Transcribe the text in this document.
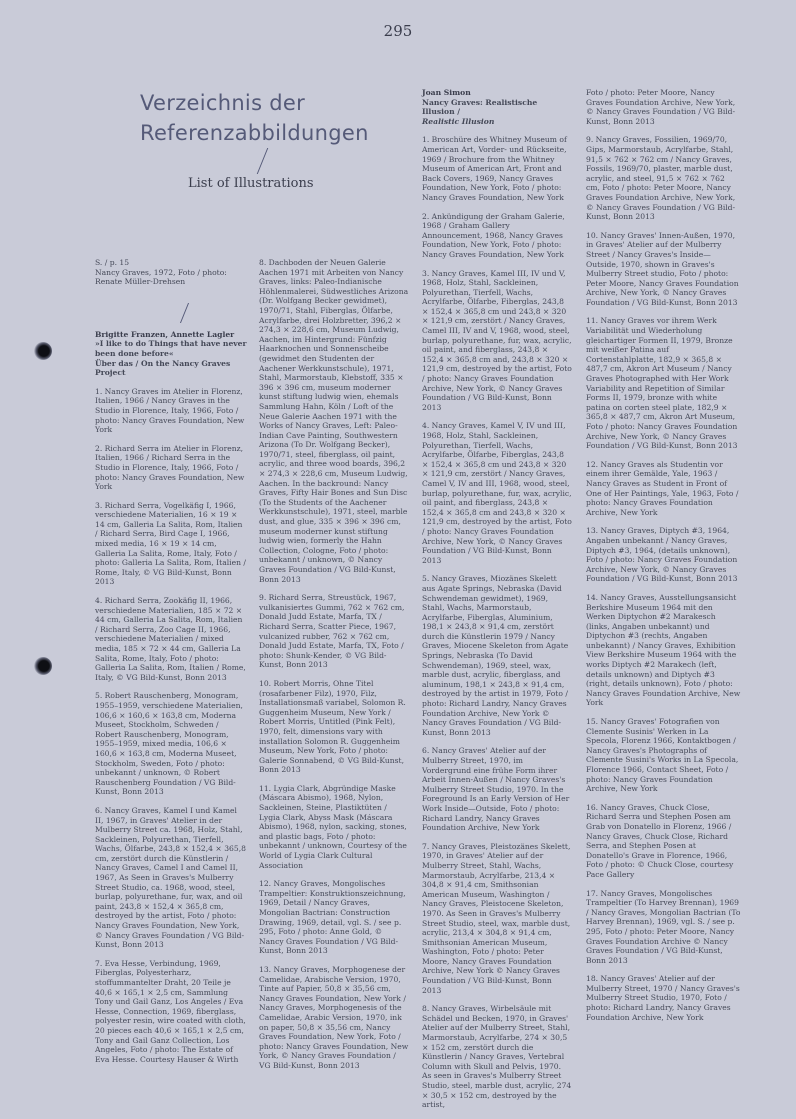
295
Verzeichnis der
Referenzabbildungen
List of Illustrations
S. / p. 15
Nancy Graves, 1972, Foto / photo: Renate Müller-Drehsen
Brigitte Franzen, Annette Lagler
»I like to do Things that have never been done before«
Über das / On the Nancy Graves Project
1. Nancy Graves im Atelier in Florenz, Italien, 1966 / Nancy Graves in the Studio in Florence, Italy, 1966, Foto / photo: Nancy Graves Foundation, New York
2. Richard Serra im Atelier in Florenz, Italien, 1966 / Richard Serra in the Studio in Florence, Italy, 1966, Foto / photo: Nancy Graves Foundation, New York
3. Richard Serra, Vogelkäfig I, 1966, verschiedene Materialien, 16 × 19 × 14 cm, Galleria La Salita, Rom, Italien / Richard Serra, Bird Cage I, 1966, mixed media, 16 × 19 × 14 cm, Galleria La Salita, Rome, Italy, Foto / photo: Galleria La Salita, Rom, Italien / Rome, Italy, © VG Bild-Kunst, Bonn 2013
4. Richard Serra, Zookäfig II, 1966, verschiedene Materialien, 185 × 72 × 44 cm, Galleria La Salita, Rom, Italien / Richard Serra, Zoo Cage II, 1966, verschiedene Materialien / mixed media, 185 × 72 × 44 cm, Galleria La Salita, Rome, Italy, Foto / photo: Galleria La Salita, Rom, Italien / Rome, Italy, © VG Bild-Kunst, Bonn 2013
5. Robert Rauschenberg, Monogram, 1955–1959, verschiedene Materialien, 106,6 × 160,6 × 163,8 cm, Moderna Museet, Stockholm, Schweden / Robert Rauschenberg, Monogram, 1955–1959, mixed media, 106,6 × 160,6 × 163,8 cm, Moderna Museet, Stockholm, Sweden, Foto / photo: unbekannt / unknown, © Robert Rauschenberg Foundation / VG Bild-Kunst, Bonn 2013
6. Nancy Graves, Kamel I und Kamel II, 1967, in Graves' Atelier in der Mulberry Street ca. 1968, Holz, Stahl, Sackleinen, Polyurethan, Tierfell, Wachs, Ölfarbe, 243,8 × 152,4 × 365,8 cm, zerstört durch die Künstlerin / Nancy Graves, Camel I and Camel II, 1967, As Seen in Graves's Mulberry Street Studio, ca. 1968, wood, steel, burlap, polyurethane, fur, wax, and oil paint, 243,8 × 152,4 × 365,8 cm, destroyed by the artist, Foto / photo: Nancy Graves Foundation, New York, © Nancy Graves Foundation / VG Bild-Kunst, Bonn 2013
7. Eva Hesse, Verbindung, 1969, Fiberglas, Polyesterharz, stoffummantelter Draht, 20 Teile je 40,6 × 165,1 × 2,5 cm, Sammlung Tony und Gail Ganz, Los Angeles / Eva Hesse, Connection, 1969, fiberglass, polyester resin, wire coated with cloth, 20 pieces each 40,6 × 165,1 × 2,5 cm, Tony and Gail Ganz Collection, Los Angeles, Foto / photo: The Estate of Eva Hesse. Courtesy Hauser & Wirth
8. Dachboden der Neuen Galerie Aachen 1971 mit Arbeiten von Nancy Graves, links: Paleo-Indianische Höhlenmalerei, Südwestliches Arizona (Dr. Wolfgang Becker gewidmet), 1970/71, Stahl, Fiberglas, Ölfarbe, Acrylfarbe, drei Holzbretter, 396,2 × 274,3 × 228,6 cm, Museum Ludwig, Aachen, im Hintergrund: Fünfzig Haarknochen und Sonnenscheibe (gewidmet den Studenten der Aachener Werkkunstschule), 1971, Stahl, Marmorstaub, Klebstoff, 335 × 396 × 396 cm, museum moderner kunst stiftung ludwig wien, ehemals Sammlung Hahn, Köln / Loft of the Neue Galerie Aachen 1971 with the Works of Nancy Graves, Left: Paleo-Indian Cave Painting, Southwestern Arizona (To Dr. Wolfgang Becker), 1970/71, steel, fiberglass, oil paint, acrylic, and three wood boards, 396,2 × 274,3 × 228,6 cm, Museum Ludwig, Aachen. In the backround: Nancy Graves, Fifty Hair Bones and Sun Disc (To the Students of the Aachener Werkkunstschule), 1971, steel, marble dust, and glue, 335 × 396 × 396 cm, museum moderner kunst stiftung ludwig wien, formerly the Hahn Collection, Cologne, Foto / photo: unbekannt / unknown, © Nancy Graves Foundation / VG Bild-Kunst, Bonn 2013
9. Richard Serra, Streustück, 1967, vulkanisiertes Gummi, 762 × 762 cm, Donald Judd Estate, Marfa, TX / Richard Serra, Scatter Piece, 1967, vulcanized rubber, 762 × 762 cm, Donald Judd Estate, Marfa, TX, Foto / photo: Shunk-Kender, © VG Bild-Kunst, Bonn 2013
10. Robert Morris, Ohne Titel (rosafarbener Filz), 1970, Filz, Installationsmaß variabel, Solomon R. Guggenheim Museum, New York / Robert Morris, Untitled (Pink Felt), 1970, felt, dimensions vary with installation Solomon R. Guggenheim Museum, New York, Foto / photo: Galerie Sonnabend, © VG Bild-Kunst, Bonn 2013
11. Lygia Clark, Abgründige Maske (Máscara Abismo), 1968, Nylon, Sackleinen, Steine, Plastiktüten / Lygia Clark, Abyss Mask (Máscara Abismo), 1968, nylon, sacking, stones, and plastic bags, Foto / photo: unbekannt / unknown, Courtesy of the World of Lygia Clark Cultural Association
12. Nancy Graves, Mongolisches Trampeltier: Konstruktionszeichnung, 1969, Detail / Nancy Graves, Mongolian Bactrian: Construction Drawing, 1969, detail, vgl. S. / see p. 295, Foto / photo: Anne Gold, © Nancy Graves Foundation / VG Bild-Kunst, Bonn 2013
13. Nancy Graves, Morphogenese der Camelidae, Arabische Version, 1970, Tinte auf Papier, 50,8 × 35,56 cm, Nancy Graves Foundation, New York / Nancy Graves, Morphogenesis of the Camelidae, Arabic Version, 1970, ink on paper, 50,8 × 35,56 cm, Nancy Graves Foundation, New York, Foto / photo: Nancy Graves Foundation, New York, © Nancy Graves Foundation / VG Bild-Kunst, Bonn 2013
Joan Simon
Nancy Graves: Realistische Illusion /
Realistic Illusion
1. Broschüre des Whitney Museum of American Art, Vorder- und Rückseite, 1969 / Brochure from the Whitney Museum of American Art, Front and Back Covers, 1969, Nancy Graves Foundation, New York, Foto / photo: Nancy Graves Foundation, New York
2. Ankündigung der Graham Galerie, 1968 / Graham Gallery Announcement, 1968, Nancy Graves Foundation, New York, Foto / photo: Nancy Graves Foundation, New York
3. Nancy Graves, Kamel III, IV und V, 1968, Holz, Stahl, Sackleinen, Polyurethan, Tierfell, Wachs, Acrylfarbe, Ölfarbe, Fiberglas, 243,8 × 152,4 × 365,8 cm und 243,8 × 320 × 121,9 cm, zerstört / Nancy Graves, Camel III, IV and V, 1968, wood, steel, burlap, polyurethane, fur, wax, acrylic, oil paint, and fiberglass, 243,8 × 152,4 × 365,8 cm and, 243,8 × 320 × 121,9 cm, destroyed by the artist, Foto / photo: Nancy Graves Foundation Archive, New York, © Nancy Graves Foundation / VG Bild-Kunst, Bonn 2013
4. Nancy Graves, Kamel V, IV und III, 1968, Holz, Stahl, Sackleinen, Polyurethan, Tierfell, Wachs, Acrylfarbe, Ölfarbe, Fiberglas, 243,8 × 152,4 × 365,8 cm und 243,8 × 320 × 121,9 cm, zerstört / Nancy Graves, Camel V, IV and III, 1968, wood, steel, burlap, polyurethane, fur, wax, acrylic, oil paint, and fiberglass, 243,8 × 152,4 × 365,8 cm and 243,8 × 320 × 121,9 cm, destroyed by the artist, Foto / photo: Nancy Graves Foundation Archive, New York, © Nancy Graves Foundation / VG Bild-Kunst, Bonn 2013
5. Nancy Graves, Miozänes Skelett aus Agate Springs, Nebraska (David Schwendeman gewidmet), 1969, Stahl, Wachs, Marmorstaub, Acrylfarbe, Fiberglas, Aluminium, 198,1 × 243,8 × 91,4 cm, zerstört durch die Künstlerin 1979 / Nancy Graves, Miocene Skeleton from Agate Springs, Nebraska (To David Schwendeman), 1969, steel, wax, marble dust, acrylic, fiberglass, and aluminum, 198,1 × 243,8 × 91,4 cm, destroyed by the artist in 1979, Foto / photo: Richard Landry, Nancy Graves Foundation Archive, New York © Nancy Graves Foundation / VG Bild-Kunst, Bonn 2013
6. Nancy Graves' Atelier auf der Mulberry Street, 1970, im Vordergrund eine frühe Form ihrer Arbeit Innen-Außen / Nancy Graves's Mulberry Street Studio, 1970. In the Foreground Is an Early Version of Her Work Inside—Outside, Foto / photo: Richard Landry, Nancy Graves Foundation Archive, New York
7. Nancy Graves, Pleistozänes Skelett, 1970, in Graves' Atelier auf der Mulberry Street, Stahl, Wachs, Marmorstaub, Acrylfarbe, 213,4 × 304,8 × 91,4 cm, Smithsonian American Museum, Washington / Nancy Graves, Pleistocene Skeleton, 1970. As Seen in Graves's Mulberry Street Studio, steel, wax, marble dust, acrylic, 213,4 × 304,8 × 91,4 cm, Smithsonian American Museum, Washington, Foto / photo: Peter Moore, Nancy Graves Foundation Archive, New York © Nancy Graves Foundation / VG Bild-Kunst, Bonn 2013
8. Nancy Graves, Wirbelsäule mit Schädel und Becken, 1970, in Graves' Atelier auf der Mulberry Street, Stahl, Marmorstaub, Acrylfarbe, 274 × 30,5 × 152 cm, zerstört durch die Künstlerin / Nancy Graves, Vertebral Column with Skull and Pelvis, 1970. As seen in Graves's Mulberry Street Studio, steel, marble dust, acrylic, 274 × 30,5 × 152 cm, destroyed by the artist,
Foto / photo: Peter Moore, Nancy Graves Foundation Archive, New York, © Nancy Graves Foundation / VG Bild-Kunst, Bonn 2013
9. Nancy Graves, Fossilien, 1969/70, Gips, Marmorstaub, Acrylfarbe, Stahl, 91,5 × 762 × 762 cm / Nancy Graves, Fossils, 1969/70, plaster, marble dust, acrylic, and steel, 91,5 × 762 × 762 cm, Foto / photo: Peter Moore, Nancy Graves Foundation Archive, New York, © Nancy Graves Foundation / VG Bild-Kunst, Bonn 2013
10. Nancy Graves' Innen-Außen, 1970, in Graves' Atelier auf der Mulberry Street / Nancy Graves's Inside—Outside, 1970, shown in Graves's Mulberry Street studio, Foto / photo: Peter Moore, Nancy Graves Foundation Archive, New York, © Nancy Graves Foundation / VG Bild-Kunst, Bonn 2013
11. Nancy Graves vor ihrem Werk Variabilität und Wiederholung gleichartiger Formen II, 1979, Bronze mit weißer Patina auf Cortenstahlplatte, 182,9 × 365,8 × 487,7 cm, Akron Art Museum / Nancy Graves Photographed with Her Work Variability and Repetition of Similar Forms II, 1979, bronze with white patina on corten steel plate, 182,9 × 365,8 × 487,7 cm, Akron Art Museum, Foto / photo: Nancy Graves Foundation Archive, New York, © Nancy Graves Foundation / VG Bild-Kunst, Bonn 2013
12. Nancy Graves als Studentin vor einem ihrer Gemälde, Yale, 1963 / Nancy Graves as Student in Front of One of Her Paintings, Yale, 1963, Foto / photo: Nancy Graves Foundation Archive, New York
13. Nancy Graves, Diptych #3, 1964, Angaben unbekannt / Nancy Graves, Diptych #3, 1964, (details unknown), Foto / photo: Nancy Graves Foundation Archive, New York, © Nancy Graves Foundation / VG Bild-Kunst, Bonn 2013
14. Nancy Graves, Ausstellungsansicht Berkshire Museum 1964 mit den Werken Diptychon #2 Marakesch (links, Angaben unbekannt) und Diptychon #3 (rechts, Angaben unbekannt) / Nancy Graves, Exhibition View Berkshire Museum 1964 with the works Diptych #2 Marakech (left, details unknown) and Diptych #3 (right, details unknown), Foto / photo: Nancy Graves Foundation Archive, New York
15. Nancy Graves' Fotografien von Clemente Susinis' Werken in La Specola, Florenz 1966, Kontaktbogen / Nancy Graves's Photographs of Clemente Susini's Works in La Specola, Florence 1966, Contact Sheet, Foto / photo: Nancy Graves Foundation Archive, New York
16. Nancy Graves, Chuck Close, Richard Serra und Stephen Posen am Grab von Donatello in Florenz, 1966 / Nancy Graves, Chuck Close, Richard Serra, and Stephen Posen at Donatello's Grave in Florence, 1966, Foto / photo: © Chuck Close, courtesy Pace Gallery
17. Nancy Graves, Mongolisches Trampeltier (To Harvey Brennan), 1969 / Nancy Graves, Mongolian Bactrian (To Harvey Brennan), 1969, vgl. S. / see p. 295, Foto / photo: Peter Moore, Nancy Graves Foundation Archive © Nancy Graves Foundation / VG Bild-Kunst, Bonn 2013
18. Nancy Graves' Atelier auf der Mulberry Street, 1970 / Nancy Graves's Mulberry Street Studio, 1970, Foto / photo: Richard Landry, Nancy Graves Foundation Archive, New York
